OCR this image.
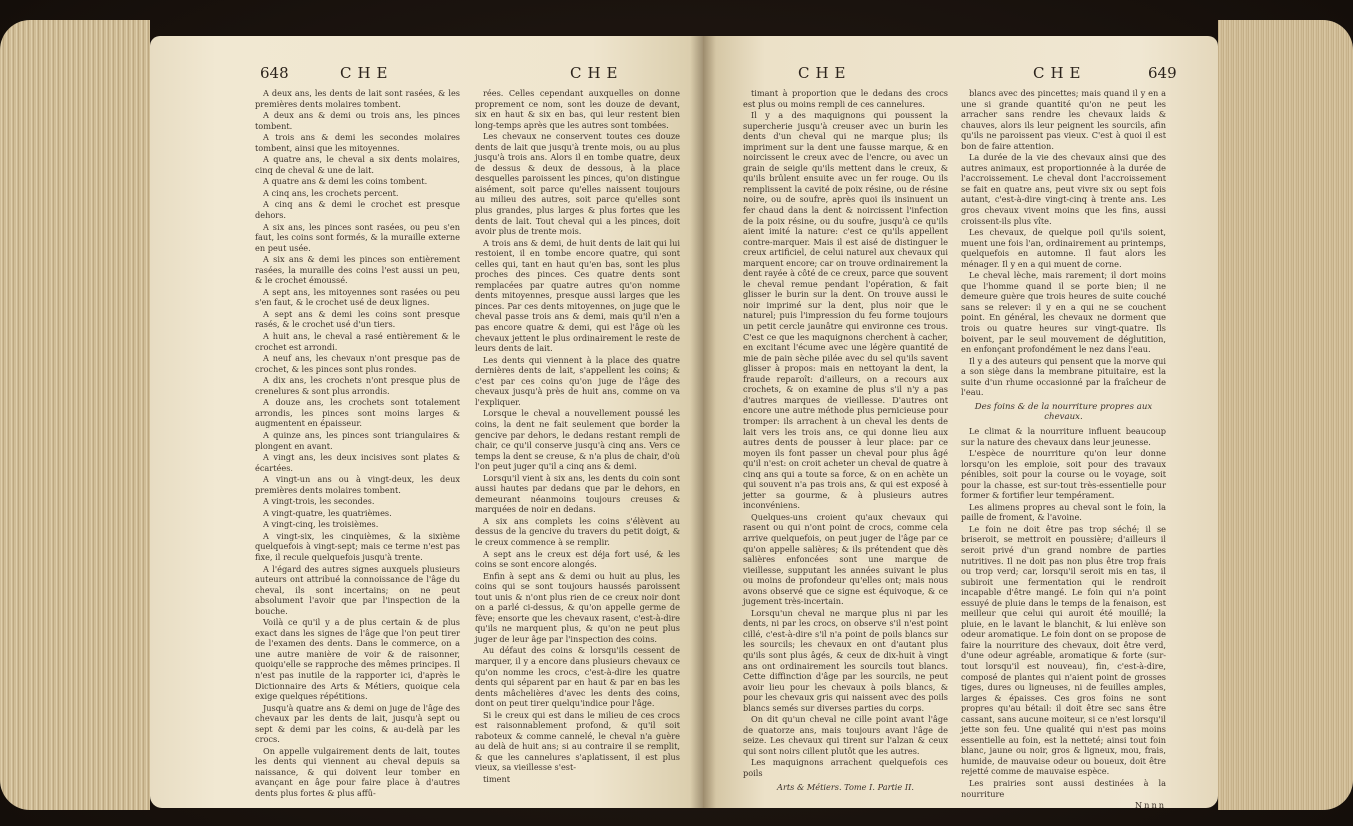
648	CHE	CHE

A deux ans, les dents de lait sont rasées, & les premières dents molaires tombent.

A deux ans & demi ou trois ans, les pinces tombent.

A trois ans & demi les secondes molaires tombent, ainsi que les mitoyennes.

A quatre ans, le cheval a six dents molaires, cinq de cheval & une de lait.

A quatre ans & demi les coins tombent.

A cinq ans, les crochets percent.

A cinq ans & demi le crochet est presque dehors.

A six ans, les pinces sont rasées, ou peu s'en faut, les coins sont formés, & la muraille externe en peut usée.

A six ans & demi les pinces son entièrement rasées, la muraille des coins l'est aussi un peu, & le crochet émoussé.

A sept ans, les mitoyennes sont rasées ou peu s'en faut, & le crochet usé de deux lignes.

A sept ans & demi les coins sont presque rasés, & le crochet usé d'un tiers.

A huit ans, le cheval a rasé entièrement & le crochet est arrondi.

A neuf ans, les chevaux n'ont presque pas de crochet, & les pinces sont plus rondes.

A dix ans, les crochets n'ont presque plus de crenelures & sont plus arrondis.

A douze ans, les crochets sont totalement arrondis, les pinces sont moins larges & augmentent en épaisseur.

A quinze ans, les pinces sont triangulaires & plongent en avant.

A vingt ans, les deux incisives sont plates & écartées.

A vingt-un ans ou à vingt-deux, les deux premières dents molaires tombent.

A vingt-trois, les secondes.

A vingt-quatre, les quatrièmes.

A vingt-cinq, les troisièmes.

A vingt-six, les cinquièmes, & la sixième quelquefois à vingt-sept; mais ce terme n'est pas fixe, il recule quelquefois jusqu'à trente.

A l'égard des autres signes auxquels plusieurs auteurs ont attribué la connoissance de l'âge du cheval, ils sont incertains; on ne peut absolument l'avoir que par l'inspection de la bouche.

Voilà ce qu'il y a de plus certain & de plus exact dans les signes de l'âge que l'on peut tirer de l'examen des dents. Dans le commerce, on a une autre manière de voir & de raisonner, quoiqu'elle se rapproche des mêmes principes. Il n'est pas inutile de la rapporter ici, d'après le Dictionnaire des Arts & Métiers, quoique cela exige quelques répétitions.

Jusqu'à quatre ans & demi on juge de l'âge des chevaux par les dents de lait, jusqu'à sept ou sept & demi par les coins, & au-delà par les crocs.

On appelle vulgairement dents de lait, toutes les dents qui viennent au cheval depuis sa naissance, & qui doivent leur tomber en avançant en âge pour faire place à d'autres dents plus fortes & plus affû-

rées. Celles cependant auxquelles on donne proprement ce nom, sont les douze de devant, six en haut & six en bas, qui leur restent bien long-temps après que les autres sont tombées.

Les chevaux ne conservent toutes ces douze dents de lait que jusqu'à trente mois, ou au plus jusqu'à trois ans. Alors il en tombe quatre, deux de dessus & deux de dessous, à la place desquelles paroissent les pinces, qu'on distingue aisément, soit parce qu'elles naissent toujours au milieu des autres, soit parce qu'elles sont plus grandes, plus larges & plus fortes que les dents de lait. Tout cheval qui a les pinces, doit avoir plus de trente mois.

A trois ans & demi, de huit dents de lait qui lui restoient, il en tombe encore quatre, qui sont celles qui, tant en haut qu'en bas, sont les plus proches des pinces. Ces quatre dents sont remplacées par quatre autres qu'on nomme dents mitoyennes, presque aussi larges que les pinces. Par ces dents mitoyennes, on juge que le cheval passe trois ans & demi, mais qu'il n'en a pas encore quatre & demi, qui est l'âge où les chevaux jettent le plus ordinairement le reste de leurs dents de lait.

Les dents qui viennent à la place des quatre dernières dents de lait, s'appellent les coins; & c'est par ces coins qu'on juge de l'âge des chevaux jusqu'à près de huit ans, comme on va l'expliquer.

Lorsque le cheval a nouvellement poussé les coins, la dent ne fait seulement que border la gencive par dehors, le dedans restant rempli de chair, ce qu'il conserve jusqu'à cinq ans. Vers ce temps la dent se creuse, & n'a plus de chair, d'où l'on peut juger qu'il a cinq ans & demi.

Lorsqu'il vient à six ans, les dents du coin sont aussi hautes par dedans que par le dehors, en demeurant néanmoins toujours creuses & marquées de noir en dedans.

A six ans complets les coins s'élèvent au dessus de la gencive du travers du petit doigt, & le creux commence à se remplir.

A sept ans le creux est déja fort usé, & les coins se sont encore alongés.

Enfin à sept ans & demi ou huit au plus, les coins qui se sont toujours haussés paroissent tout unis & n'ont plus rien de ce creux noir dont on a parlé ci-dessus, & qu'on appelle germe de fève; ensorte que les chevaux rasent, c'est-à-dire qu'ils ne marquent plus, & qu'on ne peut plus juger de leur âge par l'inspection des coins.

Au défaut des coins & lorsqu'ils cessent de marquer, il y a encore dans plusieurs chevaux ce qu'on nomme les crocs, c'est-à-dire les quatre dents qui séparent par en haut & par en bas les dents mâchelières d'avec les dents des coins, dont on peut tirer quelqu'indice pour l'âge.

Si le creux qui est dans le milieu de ces crocs est raisonnablement profond, & qu'il soit raboteux & comme cannelé, le cheval n'a guère au delà de huit ans; si au contraire il se remplit, & que les cannelures s'aplatissent, il est plus vieux, sa vieillesse s'est-

timent

CHE	CHE	649

timant à proportion que le dedans des crocs est plus ou moins rempli de ces cannelures.

Il y a des maquignons qui poussent la supercherie jusqu'à creuser avec un burin les dents d'un cheval qui ne marque plus; ils impriment sur la dent une fausse marque, & en noircissent le creux avec de l'encre, ou avec un grain de seigle qu'ils mettent dans le creux, & qu'ils brûlent ensuite avec un fer rouge. Ou ils remplissent la cavité de poix résine, ou de résine noire, ou de soufre, après quoi ils insinuent un fer chaud dans la dent & noircissent l'infection de la poix résine, ou du soufre, jusqu'à ce qu'ils aient imité la nature: c'est ce qu'ils appellent contre-marquer. Mais il est aisé de distinguer le creux artificiel, de celui naturel aux chevaux qui marquent encore; car on trouve ordinairement la dent rayée à côté de ce creux, parce que souvent le cheval remue pendant l'opération, & fait glisser le burin sur la dent. On trouve aussi le noir imprimé sur la dent, plus noir que le naturel; puis l'impression du feu forme toujours un petit cercle jaunâtre qui environne ces trous. C'est ce que les maquignons cherchent à cacher, en excitant l'écume avec une légère quantité de mie de pain sèche pilée avec du sel qu'ils savent glisser à propos: mais en nettoyant la dent, la fraude reparoît: d'ailleurs, on a recours aux crochets, & on examine de plus s'il n'y a pas d'autres marques de vieillesse. D'autres ont encore une autre méthode plus pernicieuse pour tromper: ils arrachent à un cheval les dents de lait vers les trois ans, ce qui donne lieu aux autres dents de pousser à leur place: par ce moyen ils font passer un cheval pour plus âgé qu'il n'est: on croit acheter un cheval de quatre à cinq ans qui a toute sa force, & on en achète un qui souvent n'a pas trois ans, & qui est exposé à jetter sa gourme, & à plusieurs autres inconvéniens.

Quelques-uns croient qu'aux chevaux qui rasent ou qui n'ont point de crocs, comme cela arrive quelquefois, on peut juger de l'âge par ce qu'on appelle salières; & ils prétendent que dès salières enfoncées sont une marque de vieillesse, supputant les années suivant le plus ou moins de profondeur qu'elles ont; mais nous avons observé que ce signe est équivoque, & ce jugement très-incertain.

Lorsqu'un cheval ne marque plus ni par les dents, ni par les crocs, on observe s'il n'est point cillé, c'est-à-dire s'il n'a point de poils blancs sur les sourcils; les chevaux en ont d'autant plus qu'ils sont plus âgés, & ceux de dix-huit à vingt ans ont ordinairement les sourcils tout blancs. Cette diffinction d'âge par les sourcils, ne peut avoir lieu pour les chevaux à poils blancs, & pour les chevaux gris qui naissent avec des poils blancs semés sur diverses parties du corps.

On dit qu'un cheval ne cille point avant l'âge de quatorze ans, mais toujours avant l'âge de seize. Les chevaux qui tirent sur l'alzan & ceux qui sont noirs cillent plutôt que les autres.

Les maquignons arrachent quelquefois ces poils

Arts & Métiers. Tome I. Partie II.

blancs avec des pincettes; mais quand il y en a une si grande quantité qu'on ne peut les arracher sans rendre les chevaux laids & chauves, alors ils leur peignent les sourcils, afin qu'ils ne paroissent pas vieux. C'est à quoi il est bon de faire attention.

La durée de la vie des chevaux ainsi que des autres animaux, est proportionnée à la durée de l'accroissement. Le cheval dont l'accroissement se fait en quatre ans, peut vivre six ou sept fois autant, c'est-à-dire vingt-cinq à trente ans. Les gros chevaux vivent moins que les fins, aussi croissent-ils plus vîte.

Les chevaux, de quelque poil qu'ils soient, muent une fois l'an, ordinairement au printemps, quelquefois en automne. Il faut alors les ménager. Il y en a qui muent de corne.

Le cheval lèche, mais rarement; il dort moins que l'homme quand il se porte bien; il ne demeure guère que trois heures de suite couché sans se relever: il y en a qui ne se couchent point. En général, les chevaux ne dorment que trois ou quatre heures sur vingt-quatre. Ils boivent, par le seul mouvement de déglutition, en enfonçant profondément le nez dans l'eau.

Il y a des auteurs qui pensent que la morve qui a son siège dans la membrane pituitaire, est la suite d'un rhume occasionné par la fraîcheur de l'eau.

Des foins & de la nourriture propres aux chevaux.

Le climat & la nourriture influent beaucoup sur la nature des chevaux dans leur jeunesse.

L'espèce de nourriture qu'on leur donne lorsqu'on les emploie, soit pour des travaux pénibles, soit pour la course ou le voyage, soit pour la chasse, est sur-tout très-essentielle pour former & fortifier leur tempérament.

Les alimens propres au cheval sont le foin, la paille de froment, & l'avoine.

Le foin ne doit être pas trop séché; il se briseroit, se mettroit en poussière; d'ailleurs il seroit privé d'un grand nombre de parties nutritives. Il ne doit pas non plus être trop frais ou trop verd; car, lorsqu'il seroit mis en tas, il subiroit une fermentation qui le rendroit incapable d'être mangé. Le foin qui n'a point essuyé de pluie dans le temps de la fenaison, est meilleur que celui qui auroit été mouillé; la pluie, en le lavant le blanchit, & lui enlève son odeur aromatique. Le foin dont on se propose de faire la nourriture des chevaux, doit être verd, d'une odeur agréable, aromatique & forte (sur-tout lorsqu'il est nouveau), fin, c'est-à-dire, composé de plantes qui n'aient point de grosses tiges, dures ou ligneuses, ni de feuilles amples, larges & épaisses. Ces gros foins ne sont propres qu'au bétail: il doit être sec sans être cassant, sans aucune moiteur, si ce n'est lorsqu'il jette son feu. Une qualité qui n'est pas moins essentielle au foin, est la netteté; ainsi tout foin blanc, jaune ou noir, gros & ligneux, mou, frais, humide, de mauvaise odeur ou boueux, doit être rejetté comme de mauvaise espèce.

Les prairies sont aussi destinées à la nourriture

Nnnn
